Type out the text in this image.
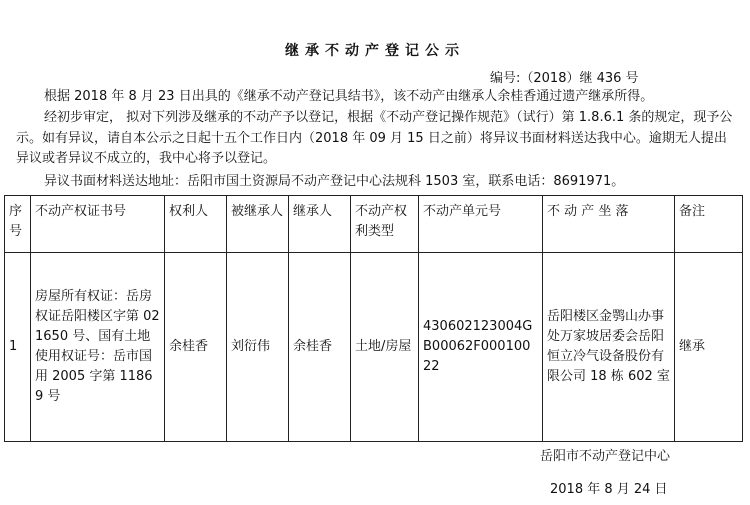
继承不动产登记公示
编号:（2018）继 436 号
根据 2018 年 8 月 23 日出具的《继承不动产登记具结书》，该不动产由继承人余桂香通过遗产继承所得。
经初步审定， 拟对下列涉及继承的不动产予以登记，根据《不动产登记操作规范》（试行）第 1.8.6.1 条的规定，现予公示。如有异议，请自本公示之日起十五个工作日内（2018 年 09 月 15 日之前）将异议书面材料送达我中心。逾期无人提出异议或者异议不成立的，我中心将予以登记。
异议书面材料送达地址：岳阳市国土资源局不动产登记中心法规科 1503 室，联系电话：8691971。
序号	不动产权证书号	权利人	被继承人	继承人	不动产权利类型	不动产单元号	不 动 产 坐 落	备注
1	房屋所有权证：岳房权证岳阳楼区字第 021650 号、国有土地使用权证号：岳市国用 2005 字第 11869 号	余桂香	刘衍伟	余桂香	土地/房屋	430602123004GB00062F00010022	岳阳楼区金鹗山办事处万家坡居委会岳阳恒立冷气设备股份有限公司 18 栋 602 室	继承
岳阳市不动产登记中心
2018 年 8 月 24 日
